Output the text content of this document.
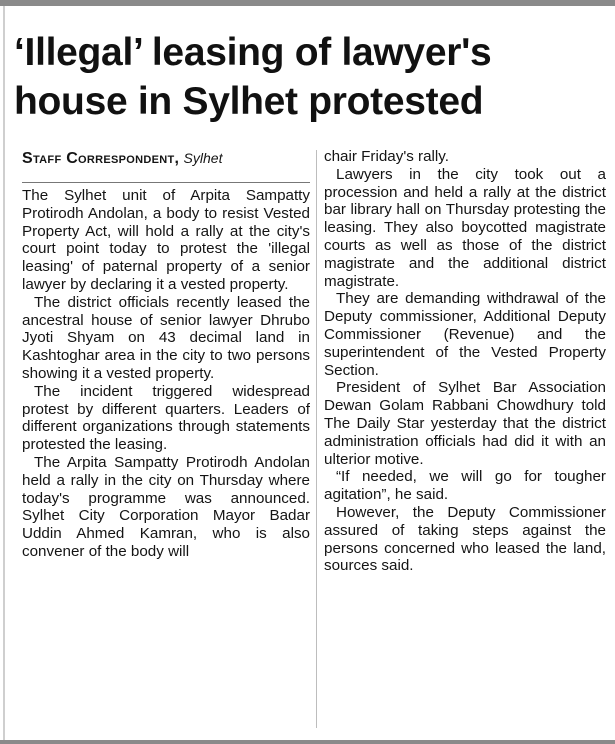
‘Illegal’ leasing of lawyer's
house in Sylhet protested
Staff Correspondent, Sylhet

The Sylhet unit of Arpita Sampatty Protirodh Andolan, a body to resist Vested Property Act, will hold a rally at the city's court point today to protest the 'illegal leasing' of paternal property of a senior lawyer by declaring it a vested property.

The district officials recently leased the ancestral house of senior lawyer Dhrubo Jyoti Shyam on 43 decimal land in Kashtoghar area in the city to two persons showing it a vested property.

The incident triggered widespread protest by different quarters. Leaders of different organizations through statements protested the leasing.

The Arpita Sampatty Protirodh Andolan held a rally in the city on Thursday where today's programme was announced. Sylhet City Corporation Mayor Badar Uddin Ahmed Kamran, who is also convener of the body will

chair Friday's rally.

Lawyers in the city took out a procession and held a rally at the district bar library hall on Thursday protesting the leasing. They also boycotted magistrate courts as well as those of the district magistrate and the additional district magistrate.

They are demanding withdrawal of the Deputy commissioner, Additional Deputy Commissioner (Revenue) and the superintendent of the Vested Property Section.

President of Sylhet Bar Association Dewan Golam Rabbani Chowdhury told The Daily Star yesterday that the district administration officials had did it with an ulterior motive.

“If needed, we will go for tougher agitation”, he said.

However, the Deputy Commissioner assured of taking steps against the persons concerned who leased the land, sources said.
